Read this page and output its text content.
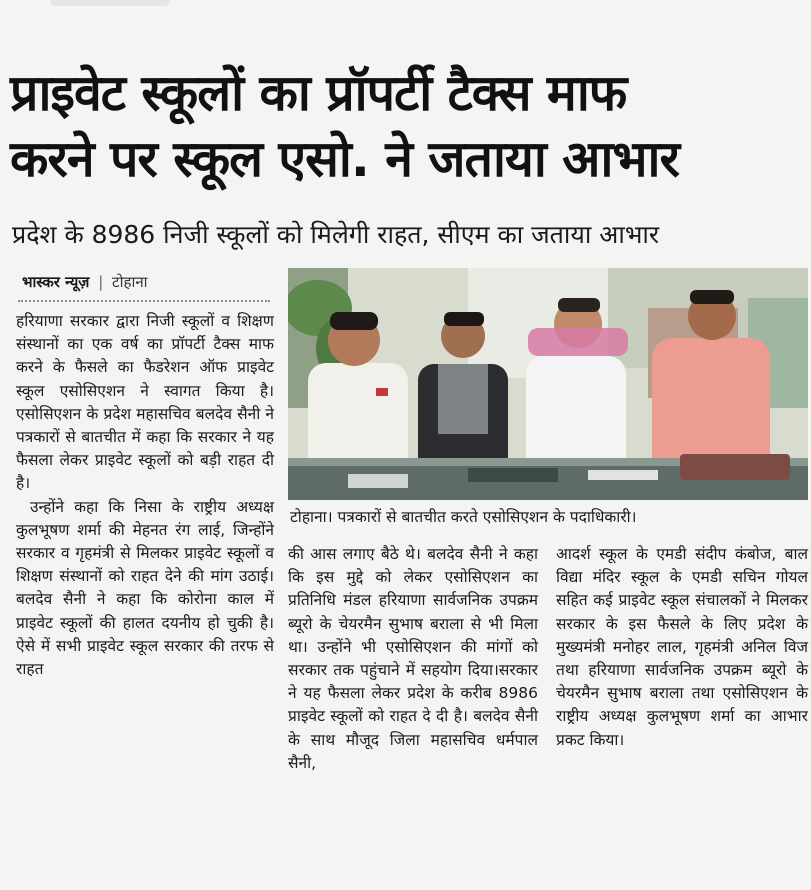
प्राइवेट स्कूलों का प्रॉपर्टी टैक्स माफ
करने पर स्कूल एसो. ने जताया आभार
प्रदेश के 8986 निजी स्कूलों को मिलेगी राहत, सीएम का जताया आभार
भास्कर न्यूज़ | टोहाना
टोहाना। पत्रकारों से बातचीत करते एसोसिएशन के पदाधिकारी।

हरियाणा सरकार द्वारा निजी स्कूलों व शिक्षण संस्थानों का एक वर्ष का प्रॉपर्टी टैक्स माफ करने के फैसले का फैडरेशन ऑफ प्राइवेट स्कूल एसोसिएशन ने स्वागत किया है। एसोसिएशन के प्रदेश महासचिव बलदेव सैनी ने पत्रकारों से बातचीत में कहा कि सरकार ने यह फैसला लेकर प्राइवेट स्कूलों को बड़ी राहत दी है।

उन्होंने कहा कि निसा के राष्ट्रीय अध्यक्ष कुलभूषण शर्मा की मेहनत रंग लाई, जिन्होंने सरकार व गृहमंत्री से मिलकर प्राइवेट स्कूलों व शिक्षण संस्थानों को राहत देने की मांग उठाई। बलदेव सैनी ने कहा कि कोरोना काल में प्राइवेट स्कूलों की हालत दयनीय हो चुकी है। ऐसे में सभी प्राइवेट स्कूल सरकार की तरफ से राहत

की आस लगाए बैठे थे। बलदेव सैनी ने कहा कि इस मुद्दे को लेकर एसोसिएशन का प्रतिनिधि मंडल हरियाणा सार्वजनिक उपक्रम ब्यूरो के चेयरमैन सुभाष बराला से भी मिला था। उन्होंने भी एसोसिएशन की मांगों को सरकार तक पहुंचाने में सहयोग दिया।सरकार ने यह फैसला लेकर प्रदेश के करीब 8986 प्राइवेट स्कूलों को राहत दे दी है। बलदेव सैनी के साथ मौजूद जिला महासचिव धर्मपाल सैनी,

आदर्श स्कूल के एमडी संदीप कंबोज, बाल विद्या मंदिर स्कूल के एमडी सचिन गोयल सहित कई प्राइवेट स्कूल संचालकों ने मिलकर सरकार के इस फैसले के लिए प्रदेश के मुख्यमंत्री मनोहर लाल, गृहमंत्री अनिल विज तथा हरियाणा सार्वजनिक उपक्रम ब्यूरो के चेयरमैन सुभाष बराला तथा एसोसिएशन के राष्ट्रीय अध्यक्ष कुलभूषण शर्मा का आभार प्रकट किया।
